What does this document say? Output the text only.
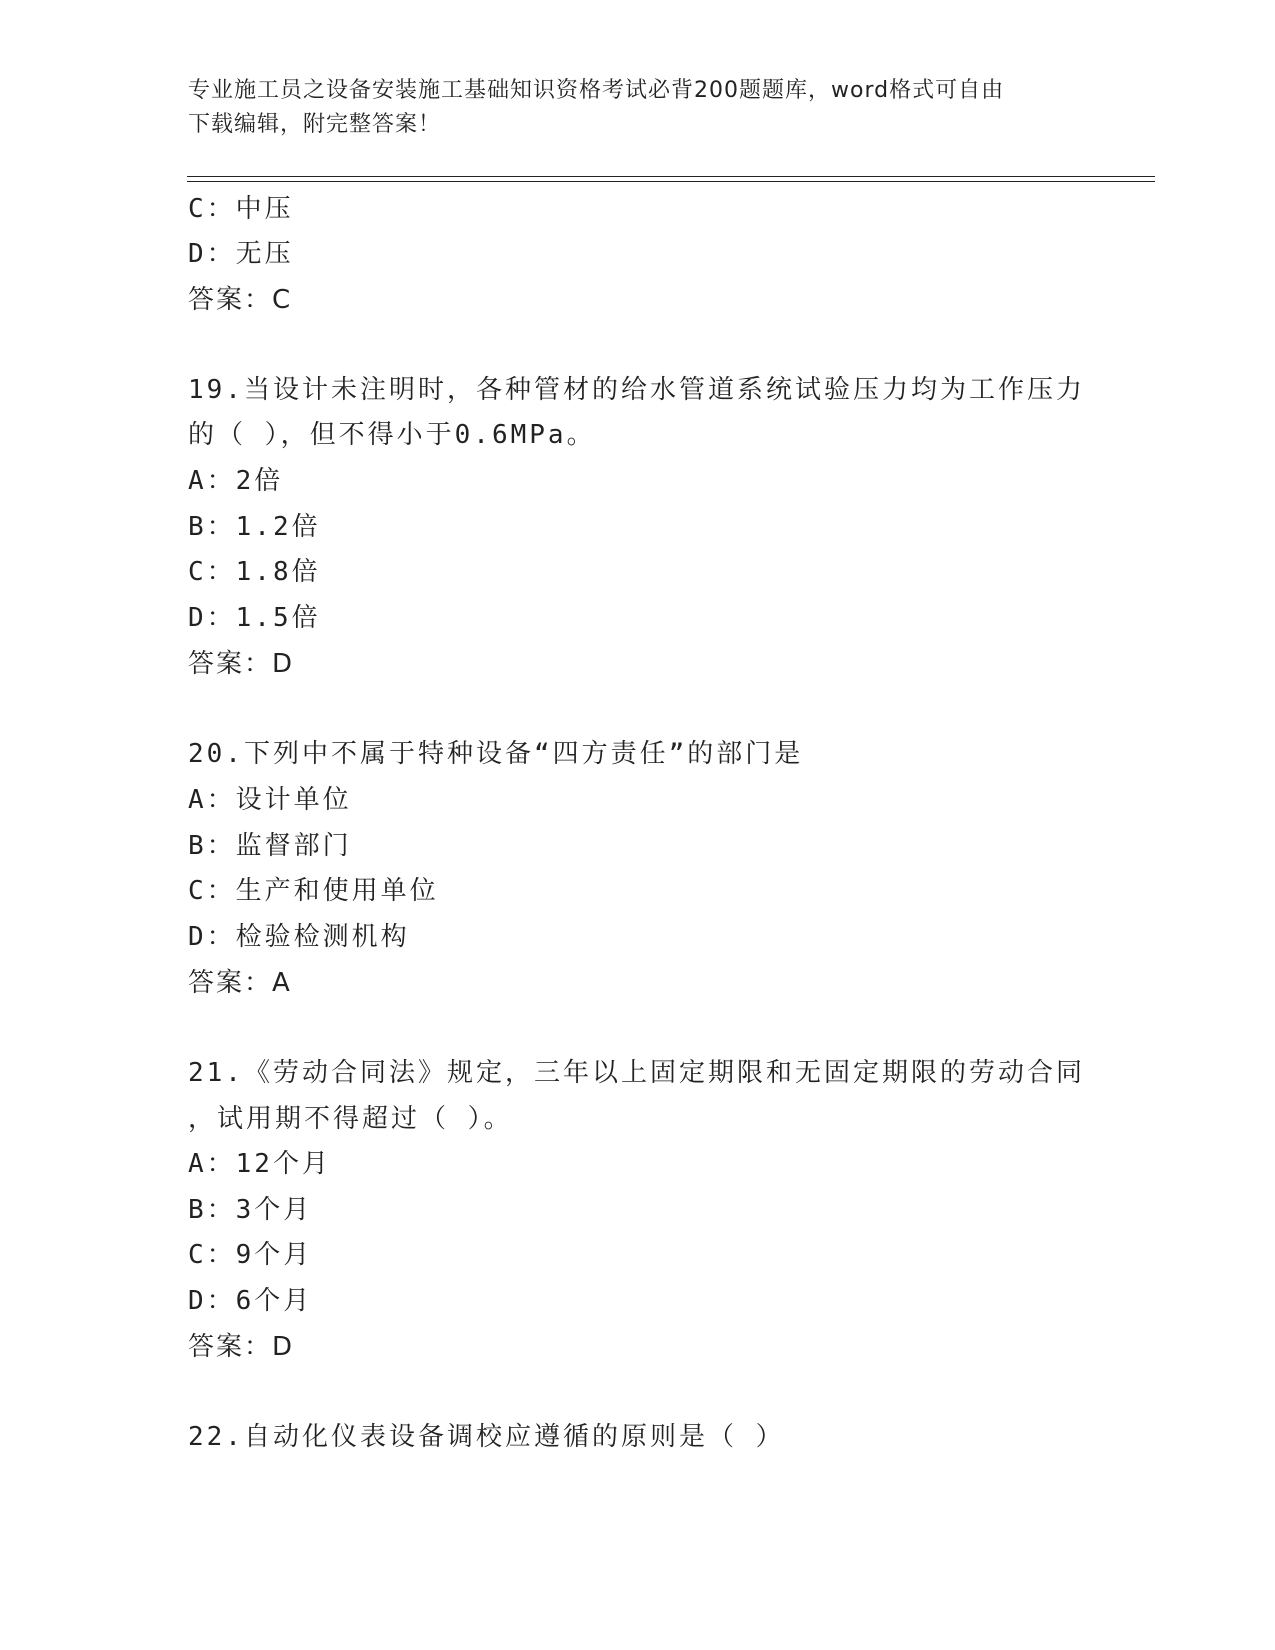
专业施工员之设备安装施工基础知识资格考试必背200题题库，word格式可自由
下载编辑，附完整答案！
C：中压
D：无压
答案：C
19.当设计未注明时，各种管材的给水管道系统试验压力均为工作压力
的（ ），但不得小于0.6MPa。
A：2倍
B：1.2倍
C：1.8倍
D：1.5倍
答案：D
20.下列中不属于特种设备“四方责任”的部门是
A：设计单位
B：监督部门
C：生产和使用单位
D：检验检测机构
答案：A
21.《劳动合同法》规定，三年以上固定期限和无固定期限的劳动合同
，试用期不得超过（ ）。
A：12个月
B：3个月
C：9个月
D：6个月
答案：D
22.自动化仪表设备调校应遵循的原则是（ ）
